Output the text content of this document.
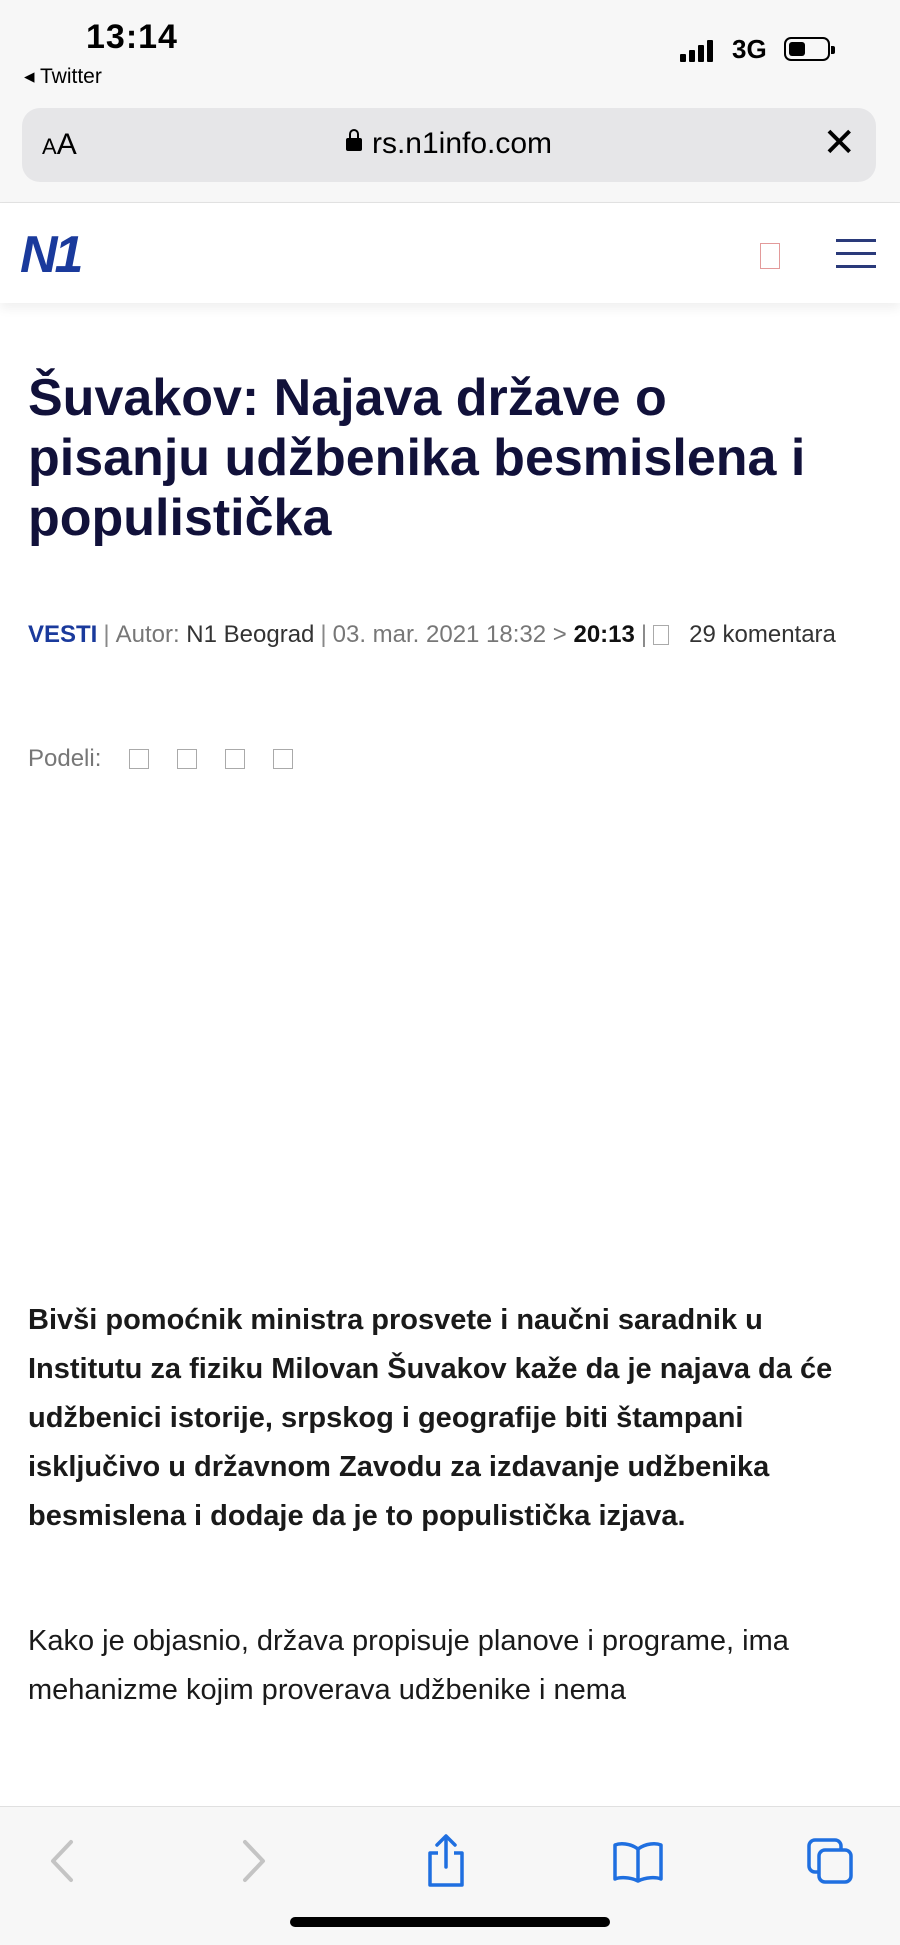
13:14
◂ Twitter
3G
AA	rs.n1info.com	✕
N1
Šuvakov: Najava države o pisanju udžbenika besmislena i populistička
VESTI | Autor: N1 Beograd | 03. mar. 2021 18:32 > 20:13 | 29 komentara
Podeli:

Bivši pomoćnik ministra prosvete i naučni saradnik u Institutu za fiziku Milovan Šuvakov kaže da je najava da će udžbenici istorije, srpskog i geografije biti štampani isključivo u državnom Zavodu za izdavanje udžbenika besmislena i dodaje da je to populistička izjava.

Kako je objasnio, država propisuje planove i programe, ima mehanizme kojim proverava udžbenike i nema
